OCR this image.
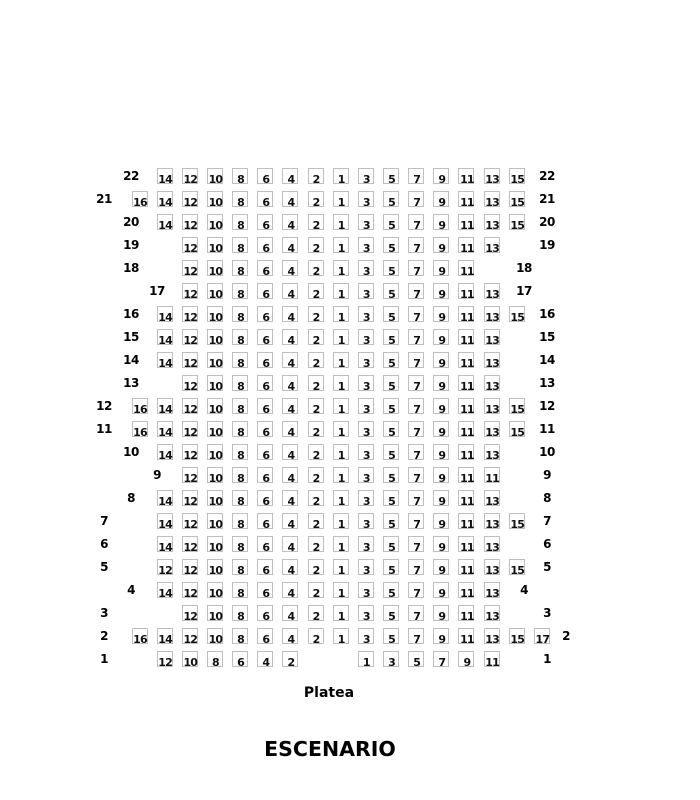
22	14 12 10	8	6	4	2	1	3	5	7	9	11 13 15	22
21	16 14 12 10	8	6	4	2	1	3	5	7	9	11 13 15	21
20	14 12 10	8	6	4	2	1	3	5	7	9	11 13 15	20
19	12 10	8	6	4	2	1	3	5	7	9	11 13	19
18	12 10	8	6	4	2	1	3	5	7	9	11	18
17	12 10	8	6	4	2	1	3	5	7	9	11 13	17
16	14 12 10	8	6	4	2	1	3	5	7	9	11 13 15	16
15	14 12 10	8	6	4	2	1	3	5	7	9	11 13	15
14	14 12 10	8	6	4	2	1	3	5	7	9	11 13	14
13	12 10	8	6	4	2	1	3	5	7	9	11 13	13
12	16 14 12 10	8	6	4	2	1	3	5	7	9	11 13 15	12
11	16 14 12 10	8	6	4	2	1	3	5	7	9	11 13 15	11
10	14 12 10	8	6	4	2	1	3	5	7	9	11 13	10
9	12 10	8	6	4	2	1	3	5	7	9	11 11	9
8	14 12 10	8	6	4	2	1	3	5	7	9	11 13	8
7	14 12 10	8	6	4	2	1	3	5	7	9	11 13 15	7
6	14 12 10	8	6	4	2	1	3	5	7	9	11 13	6
5	12 12 10	8	6	4	2	1	3	5	7	9	11 13 15	5
4	14 12 10	8	6	4	2	1	3	5	7	9	11 13	4
3	12 10	8	6	4	2	1	3	5	7	9	11 13	3
2	16 14 12 10	8	6	4	2	1	3	5	7	9	11 13 15 17	2
1	12 10	8	6	4	2	1	3	5	7	9	11	1
Platea
ESCENARIO
